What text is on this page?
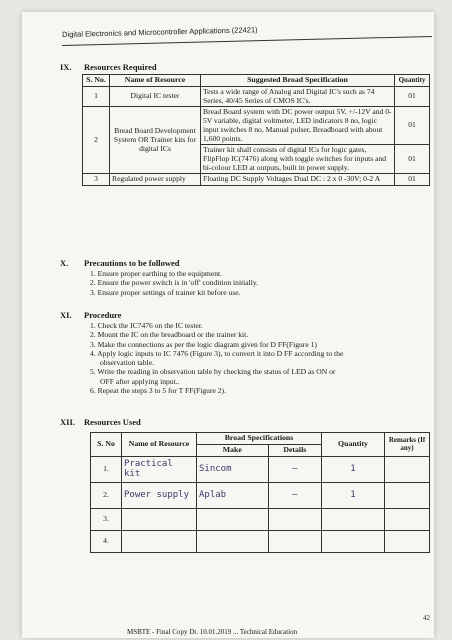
Digital Electronics and Microcontroller Applications (22421)
IX. Resources Required
S. No.	Name of Resource	Suggested Broad Specification	Quantity
1	Digital IC tester	Tests a wide range of Analog and Digital IC's such as 74 Series, 40/45 Series of CMOS IC's.	01
2	Bread Board Development System OR Trainer kits for digital ICs	Bread Board system with DC power output 5V, +/-12V and 0-5V variable, digital voltmeter, LED indicators 8 no, logic input switches 8 no, Manual pulser, Breadboard with about 1,600 points.	01
		Trainer kit shall consists of digital ICs for logic gates, FlipFlop IC(7476) along with toggle switches for inputs and bi-colour LED at outputs, built in power supply.	01
3	Regulated power supply	Floating DC Supply Voltages Dual DC : 2 x 0 -30V; 0-2 A	01
X. Precautions to be followed
1. Ensure proper earthing to the equipment.
2. Ensure the power switch is in 'off' condition initially.
3. Ensure proper settings of trainer kit before use.
XI. Procedure
1. Check the IC7476 on the IC tester.
2. Mount the IC on the breadboard or the trainer kit.
3. Make the connections as per the logic diagram given for D FF(Figure 1)
4. Apply logic inputs to IC 7476 (Figure 3), to convert it into D FF according to the
observation table.
5. Write the reading in observation table by checking the status of LED as ON or
OFF after applying input..
6. Repeat the steps 3 to 5 for T FF(Figure 2).
XII. Resources Used
S. No	Name of Resource	Broad Specifications		Quantity	Remarks (If any)
		Make	Details		
1.	Practical kit	Sincom	—	1	
2.	Power supply	Aplab	—	1	
3.					
4.					
42
MSBTE - Final Copy Dt. 10.01.2019 ... Technical Education
